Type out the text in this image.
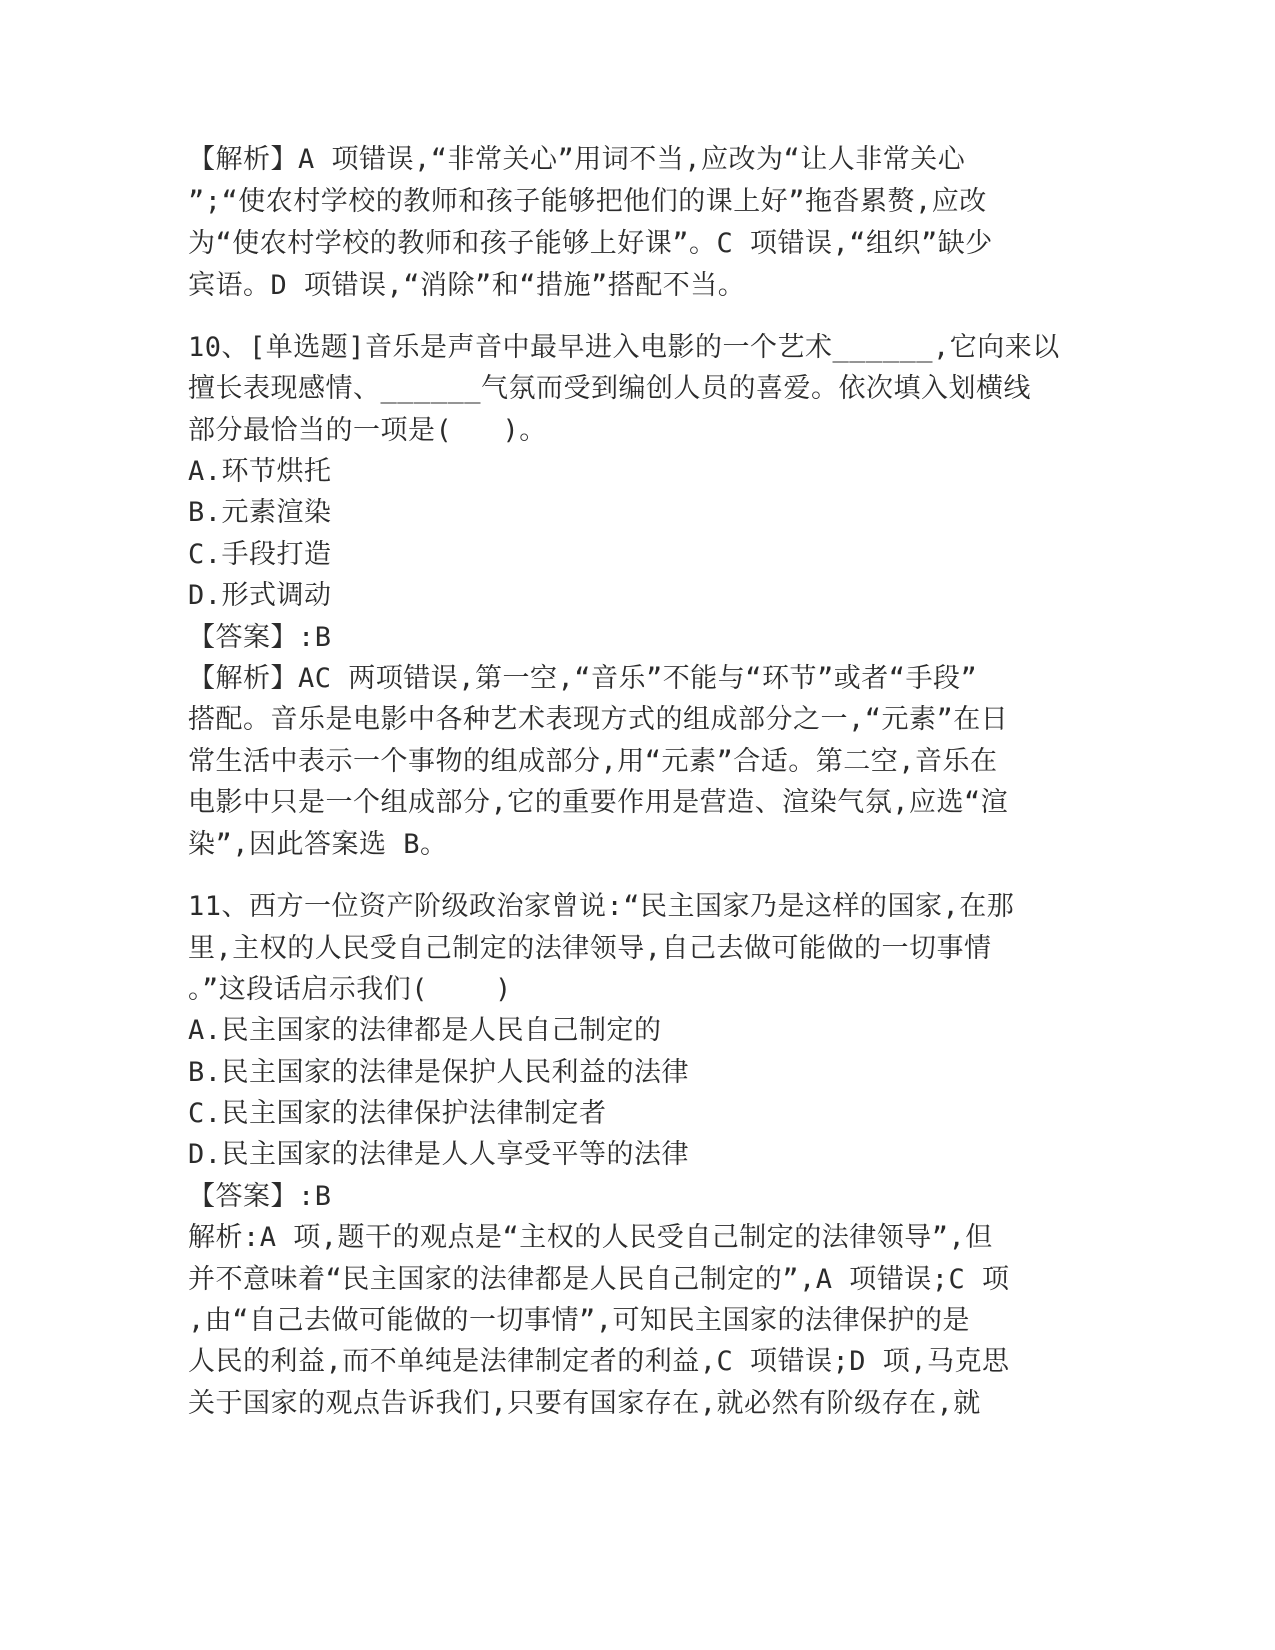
【解析】A 项错误,“非常关心”用词不当,应改为“让人非常关心
”;“使农村学校的教师和孩子能够把他们的课上好”拖沓累赘,应改
为“使农村学校的教师和孩子能够上好课”。C 项错误,“组织”缺少
宾语。D 项错误,“消除”和“措施”搭配不当。
10、[单选题]音乐是声音中最早进入电影的一个艺术______,它向来以
擅长表现感情、______气氛而受到编创人员的喜爱。依次填入划横线
部分最恰当的一项是(   )。
A.环节烘托
B.元素渲染
C.手段打造
D.形式调动
【答案】:B
【解析】AC 两项错误,第一空,“音乐”不能与“环节”或者“手段”
搭配。音乐是电影中各种艺术表现方式的组成部分之一,“元素”在日
常生活中表示一个事物的组成部分,用“元素”合适。第二空,音乐在
电影中只是一个组成部分,它的重要作用是营造、渲染气氛,应选“渲
染”,因此答案选 B。
11、西方一位资产阶级政治家曾说:“民主国家乃是这样的国家,在那
里,主权的人民受自己制定的法律领导,自己去做可能做的一切事情
。”这段话启示我们(    )
A.民主国家的法律都是人民自己制定的
B.民主国家的法律是保护人民利益的法律
C.民主国家的法律保护法律制定者
D.民主国家的法律是人人享受平等的法律
【答案】:B
解析:A 项,题干的观点是“主权的人民受自己制定的法律领导”,但
并不意味着“民主国家的法律都是人民自己制定的”,A 项错误;C 项
,由“自己去做可能做的一切事情”,可知民主国家的法律保护的是
人民的利益,而不单纯是法律制定者的利益,C 项错误;D 项,马克思
关于国家的观点告诉我们,只要有国家存在,就必然有阶级存在,就
